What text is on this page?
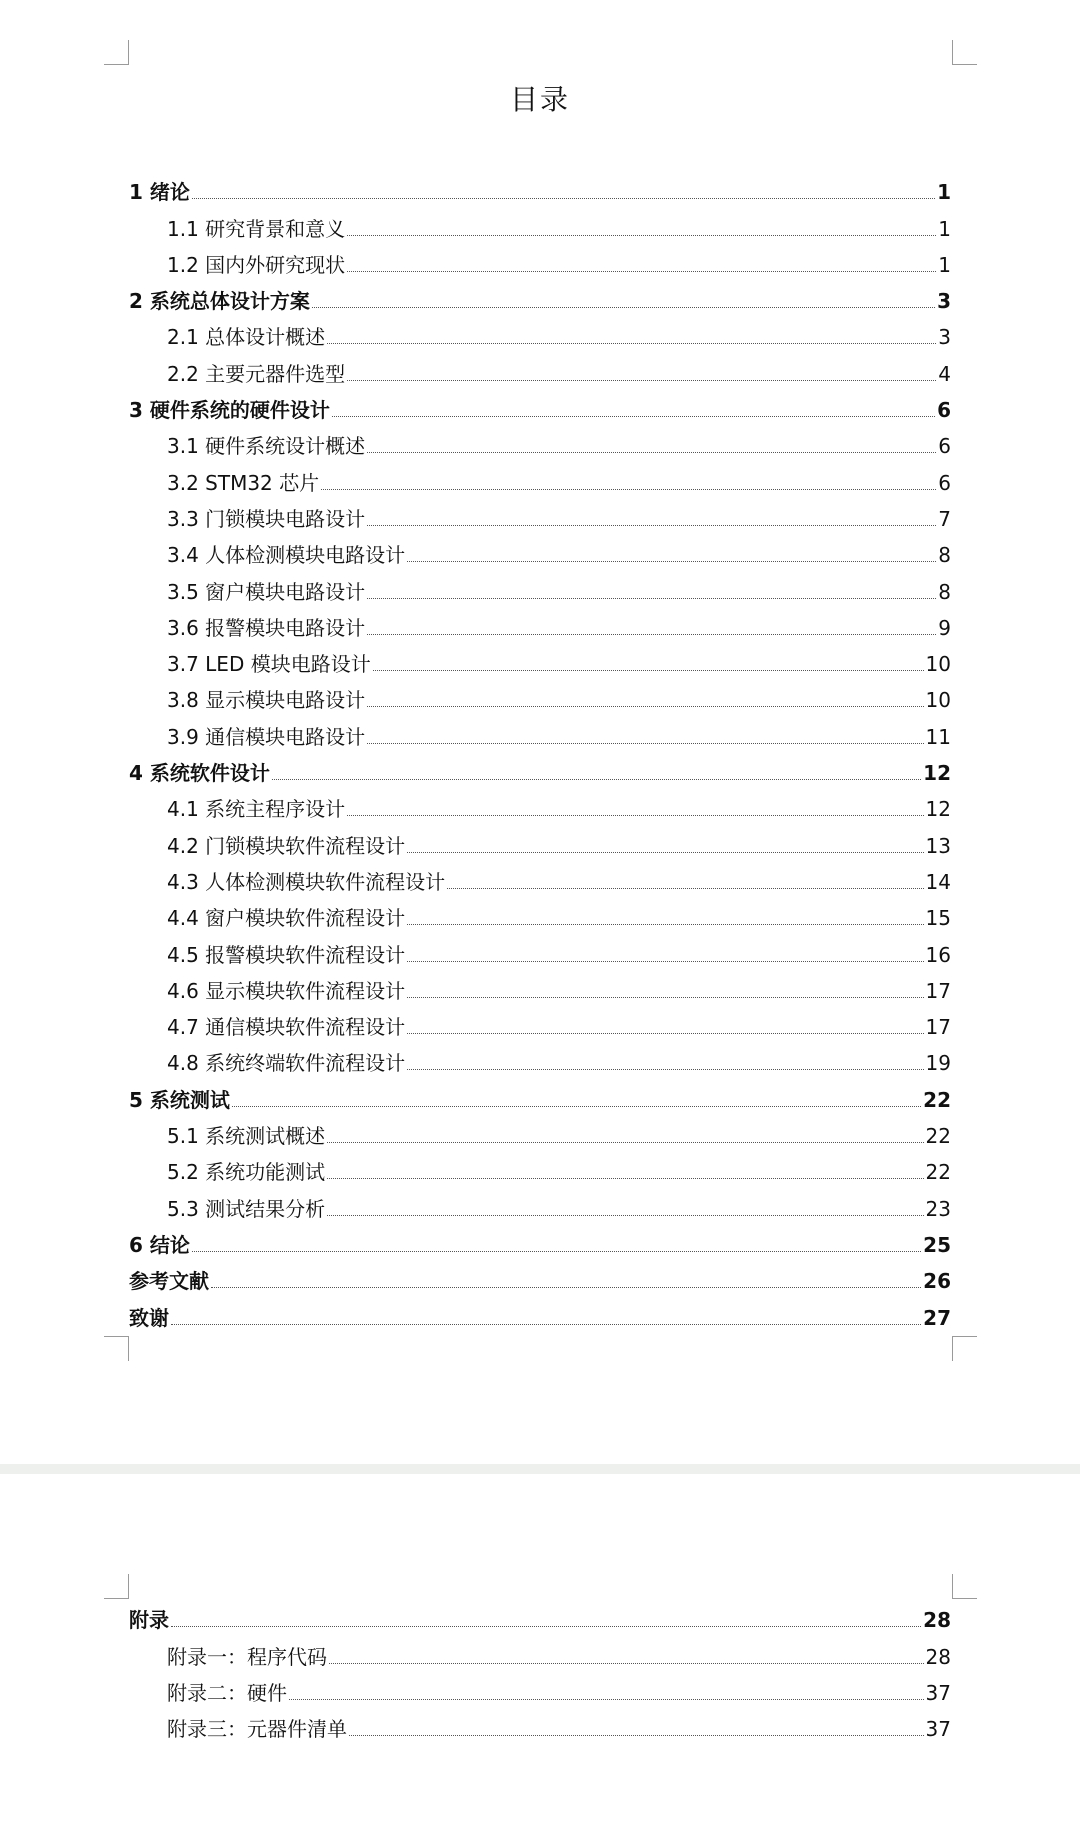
目录
1 绪论	1
1.1 研究背景和意义	1
1.2 国内外研究现状	1
2 系统总体设计方案	3
2.1 总体设计概述	3
2.2 主要元器件选型	4
3 硬件系统的硬件设计	6
3.1 硬件系统设计概述	6
3.2 STM32 芯片	6
3.3 门锁模块电路设计	7
3.4 人体检测模块电路设计	8
3.5 窗户模块电路设计	8
3.6 报警模块电路设计	9
3.7 LED 模块电路设计	10
3.8 显示模块电路设计	10
3.9 通信模块电路设计	11
4 系统软件设计	12
4.1 系统主程序设计	12
4.2 门锁模块软件流程设计	13
4.3 人体检测模块软件流程设计	14
4.4 窗户模块软件流程设计	15
4.5 报警模块软件流程设计	16
4.6 显示模块软件流程设计	17
4.7 通信模块软件流程设计	17
4.8 系统终端软件流程设计	19
5 系统测试	22
5.1 系统测试概述	22
5.2 系统功能测试	22
5.3 测试结果分析	23
6 结论	25
参考文献	26
致谢	27
附录	28
附录一：程序代码	28
附录二：硬件	37
附录三：元器件清单	37
